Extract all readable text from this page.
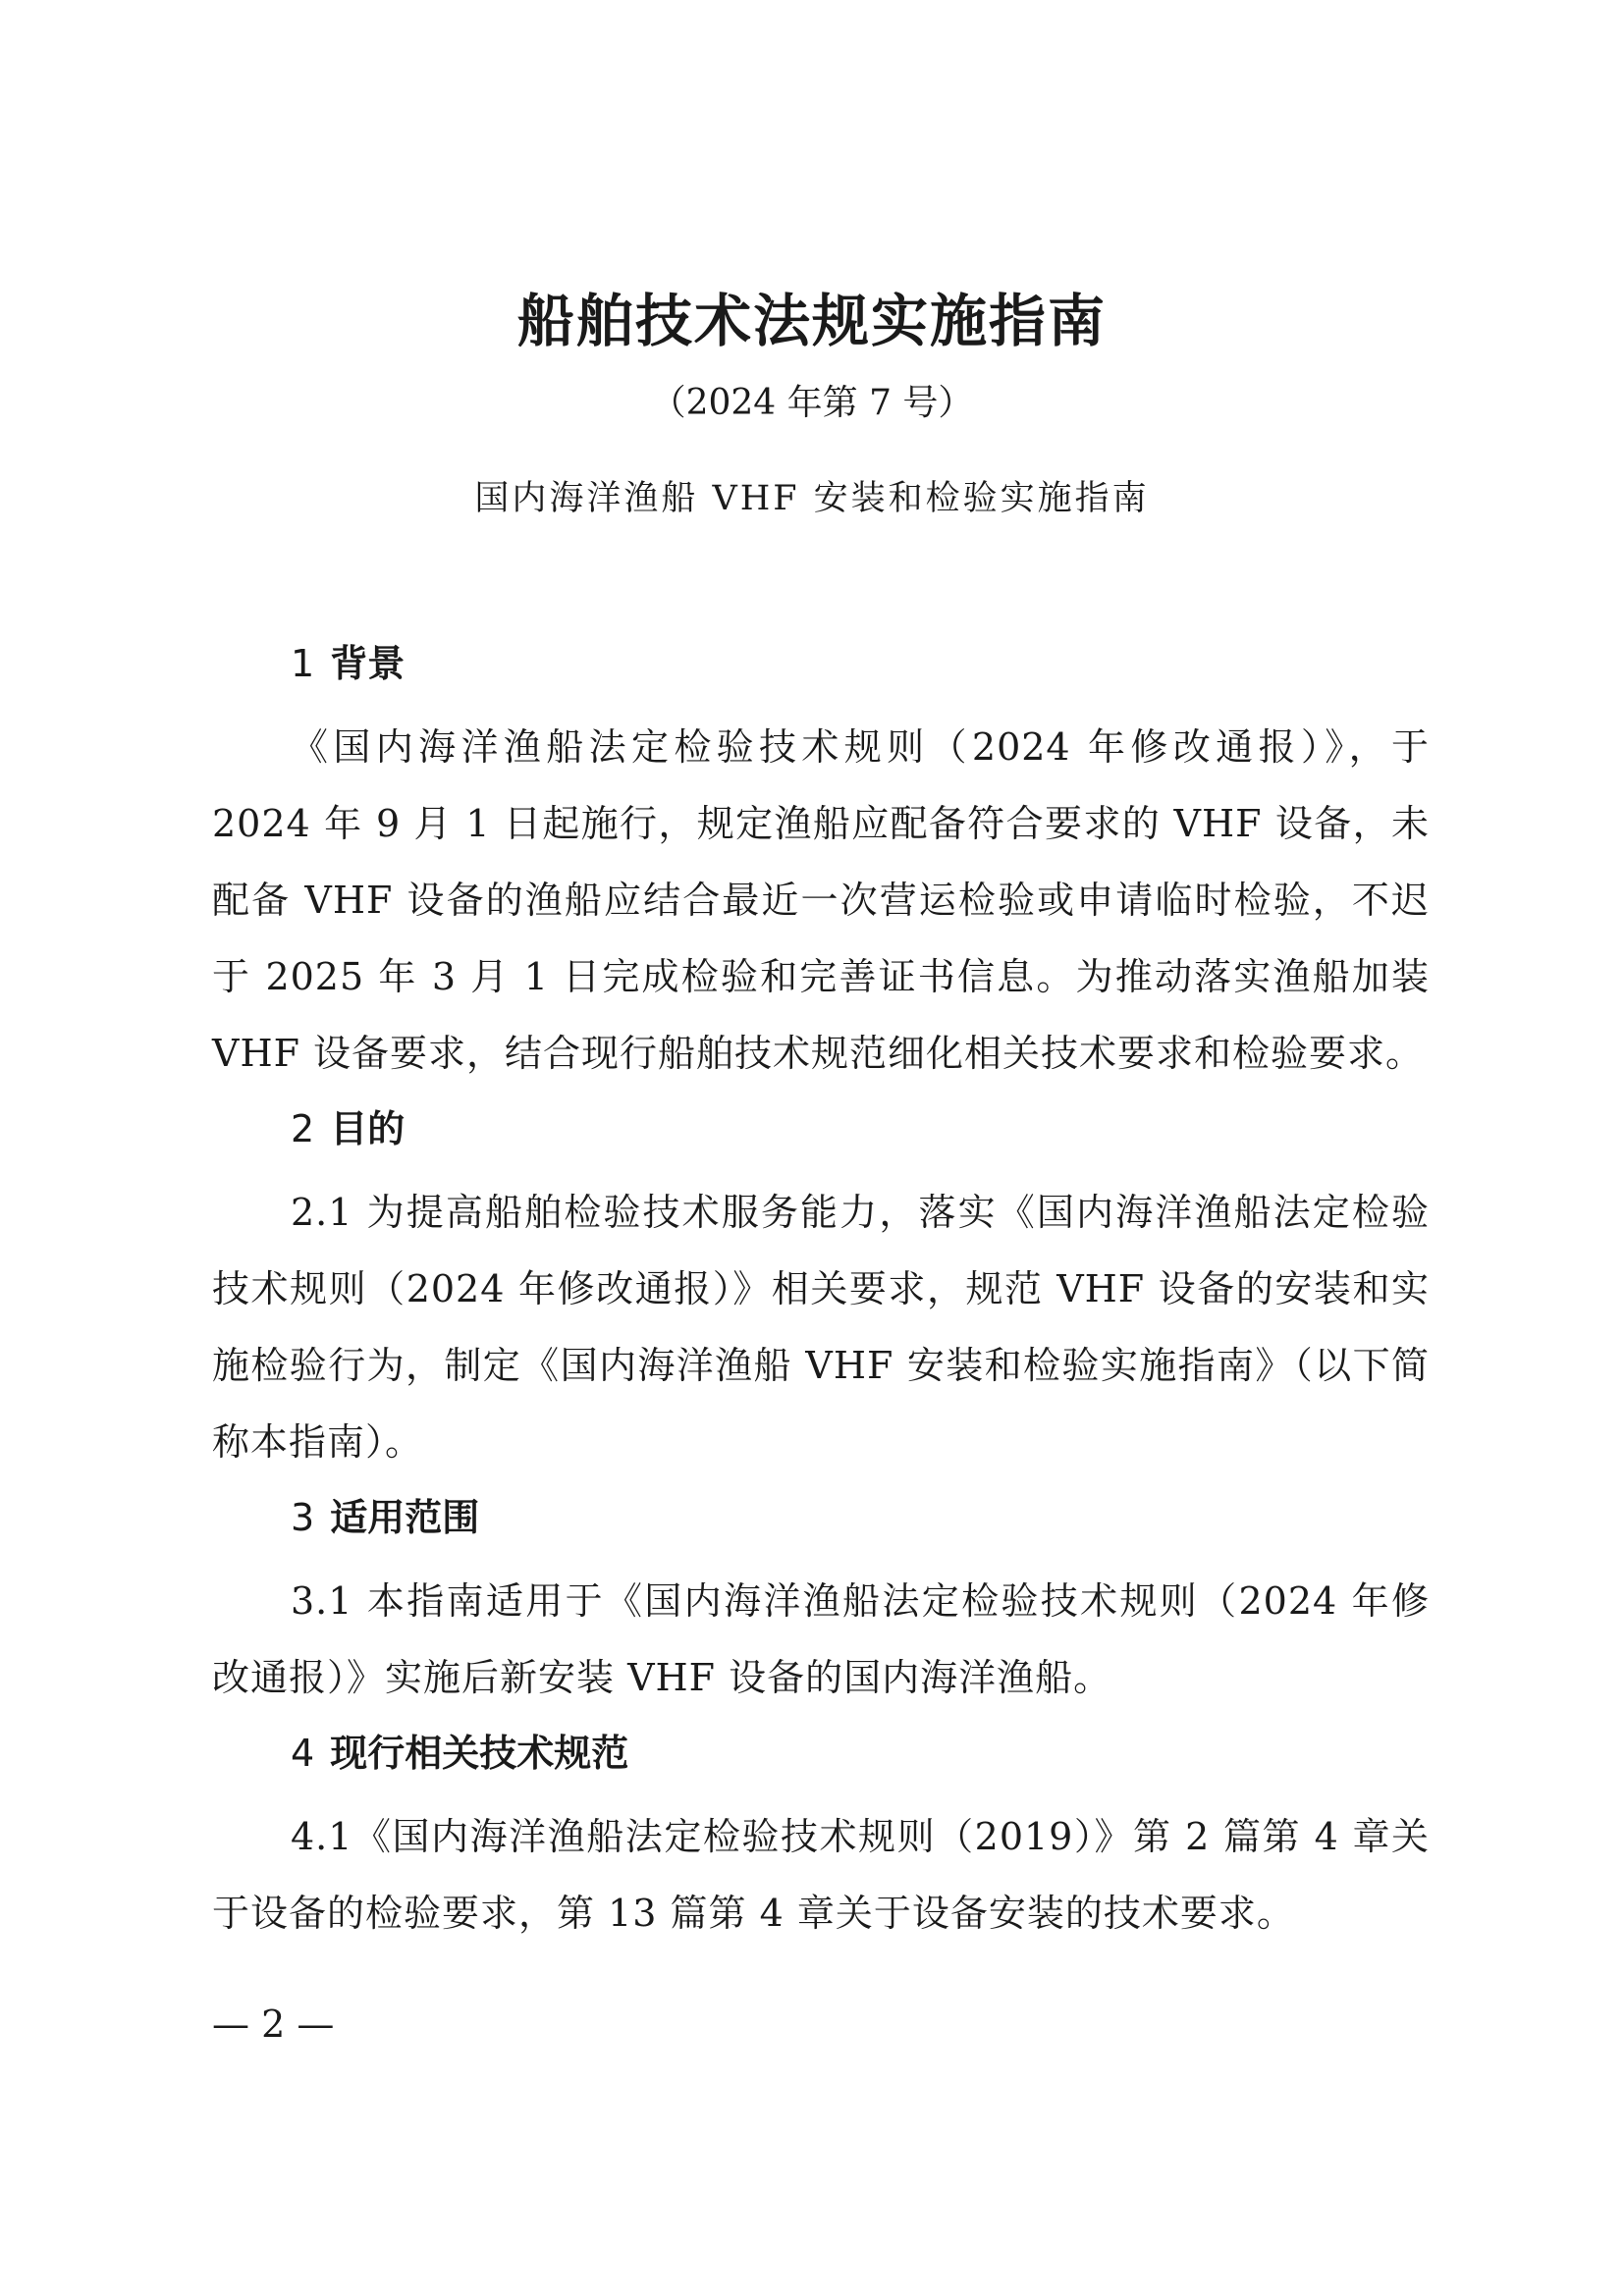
船舶技术法规实施指南
（2024 年第 7 号）
国内海洋渔船 VHF 安装和检验实施指南
1 背景

《国内海洋渔船法定检验技术规则（2024 年修改通报）》，于 2024 年 9 月 1 日起施行，规定渔船应配备符合要求的 VHF 设备，未配备 VHF 设备的渔船应结合最近一次营运检验或申请临时检验，不迟于 2025 年 3 月 1 日完成检验和完善证书信息。为推动落实渔船加装 VHF 设备要求，结合现行船舶技术规范细化相关技术要求和检验要求。

2 目的

2.1 为提高船舶检验技术服务能力，落实《国内海洋渔船法定检验技术规则（2024 年修改通报）》相关要求，规范 VHF 设备的安装和实施检验行为，制定《国内海洋渔船 VHF 安装和检验实施指南》（以下简称本指南）。

3 适用范围

3.1 本指南适用于《国内海洋渔船法定检验技术规则（2024 年修改通报）》实施后新安装 VHF 设备的国内海洋渔船。

4 现行相关技术规范

4.1《国内海洋渔船法定检验技术规则（2019）》第 2 篇第 4 章关于设备的检验要求，第 13 篇第 4 章关于设备安装的技术要求。

— 2 —
